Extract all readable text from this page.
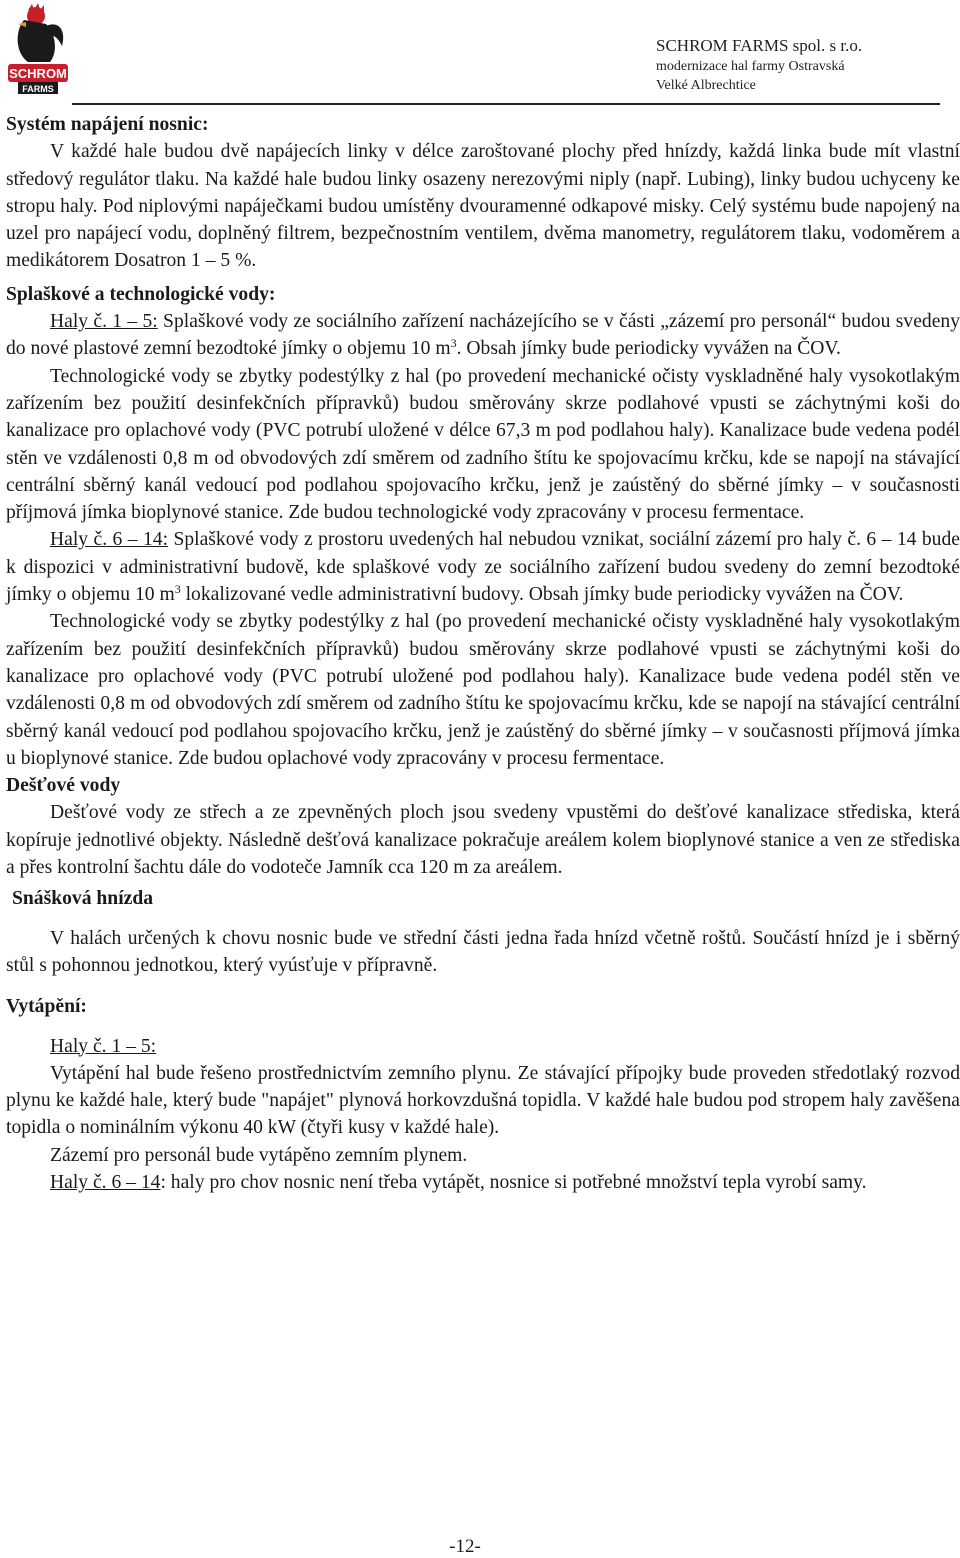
SCHROM
FARMS
SCHROM FARMS spol. s r.o.
modernizace hal farmy Ostravská
Velké Albrechtice

Systém napájení nosnic:

V každé hale budou dvě napájecích linky v délce zaroštované plochy před hnízdy, každá linka bude mít vlastní středový regulátor tlaku. Na každé hale budou linky osazeny nerezovými niply (např. Lubing), linky budou uchyceny ke stropu haly. Pod niplovými napáječkami budou umístěny dvouramenné odkapové misky. Celý systému bude napojený na uzel pro napájecí vodu, doplněný filtrem, bezpečnostním ventilem, dvěma manometry, regulátorem tlaku, vodoměrem a medikátorem Dosatron 1 – 5 %.

Splaškové a technologické vody:

Haly č. 1 – 5: Splaškové vody ze sociálního zařízení nacházejícího se v části „zázemí pro personál“ budou svedeny do nové plastové zemní bezodtoké jímky o objemu 10 $m^3$. Obsah jímky bude periodicky vyvážen na ČOV.

Technologické vody se zbytky podestýlky z hal (po provedení mechanické očisty vyskladněné haly vysokotlakým zařízením bez použití desinfekčních přípravků) budou směrovány skrze podlahové vpusti se záchytnými koši do kanalizace pro oplachové vody (PVC potrubí uložené v délce 67,3 m pod podlahou haly). Kanalizace bude vedena podél stěn ve vzdálenosti 0,8 m od obvodových zdí směrem od zadního štítu ke spojovacímu krčku, kde se napojí na stávající centrální sběrný kanál vedoucí pod podlahou spojovacího krčku, jenž je zaústěný do sběrné jímky – v současnosti příjmová jímka bioplynové stanice. Zde budou technologické vody zpracovány v procesu fermentace.

Haly č. 6 – 14: Splaškové vody z prostoru uvedených hal nebudou vznikat, sociální zázemí pro haly č. 6 – 14 bude k dispozici v administrativní budově, kde splaškové vody ze sociálního zařízení budou svedeny do zemní bezodtoké jímky o objemu 10 $m^3$ lokalizované vedle administrativní budovy. Obsah jímky bude periodicky vyvážen na ČOV.

Technologické vody se zbytky podestýlky z hal (po provedení mechanické očisty vyskladněné haly vysokotlakým zařízením bez použití desinfekčních přípravků) budou směrovány skrze podlahové vpusti se záchytnými koši do kanalizace pro oplachové vody (PVC potrubí uložené pod podlahou haly). Kanalizace bude vedena podél stěn ve vzdálenosti 0,8 m od obvodových zdí směrem od zadního štítu ke spojovacímu krčku, kde se napojí na stávající centrální sběrný kanál vedoucí pod podlahou spojovacího krčku, jenž je zaústěný do sběrné jímky – v současnosti příjmová jímka u bioplynové stanice. Zde budou oplachové vody zpracovány v procesu fermentace.

Dešťové vody

Dešťové vody ze střech a ze zpevněných ploch jsou svedeny vpustěmi do dešťové kanalizace střediska, která kopíruje jednotlivé objekty. Následně dešťová kanalizace pokračuje areálem kolem bioplynové stanice a ven ze střediska a přes kontrolní šachtu dále do vodoteče Jamník cca 120 m za areálem.

Snášková hnízda

V halách určených k chovu nosnic bude ve střední části jedna řada hnízd včetně roštů. Součástí hnízd je i sběrný stůl s pohonnou jednotkou, který vyúsťuje v přípravně.

Vytápění:

Haly č. 1 – 5:

Vytápění hal bude řešeno prostřednictvím zemního plynu. Ze stávající přípojky bude proveden středotlaký rozvod plynu ke každé hale, který bude "napájet" plynová horkovzdušná topidla. V každé hale budou pod stropem haly zavěšena topidla o nominálním výkonu 40 kW (čtyři kusy v každé hale).

Zázemí pro personál bude vytápěno zemním plynem.

Haly č. 6 – 14: haly pro chov nosnic není třeba vytápět, nosnice si potřebné množství tepla vyrobí samy.

-12-
